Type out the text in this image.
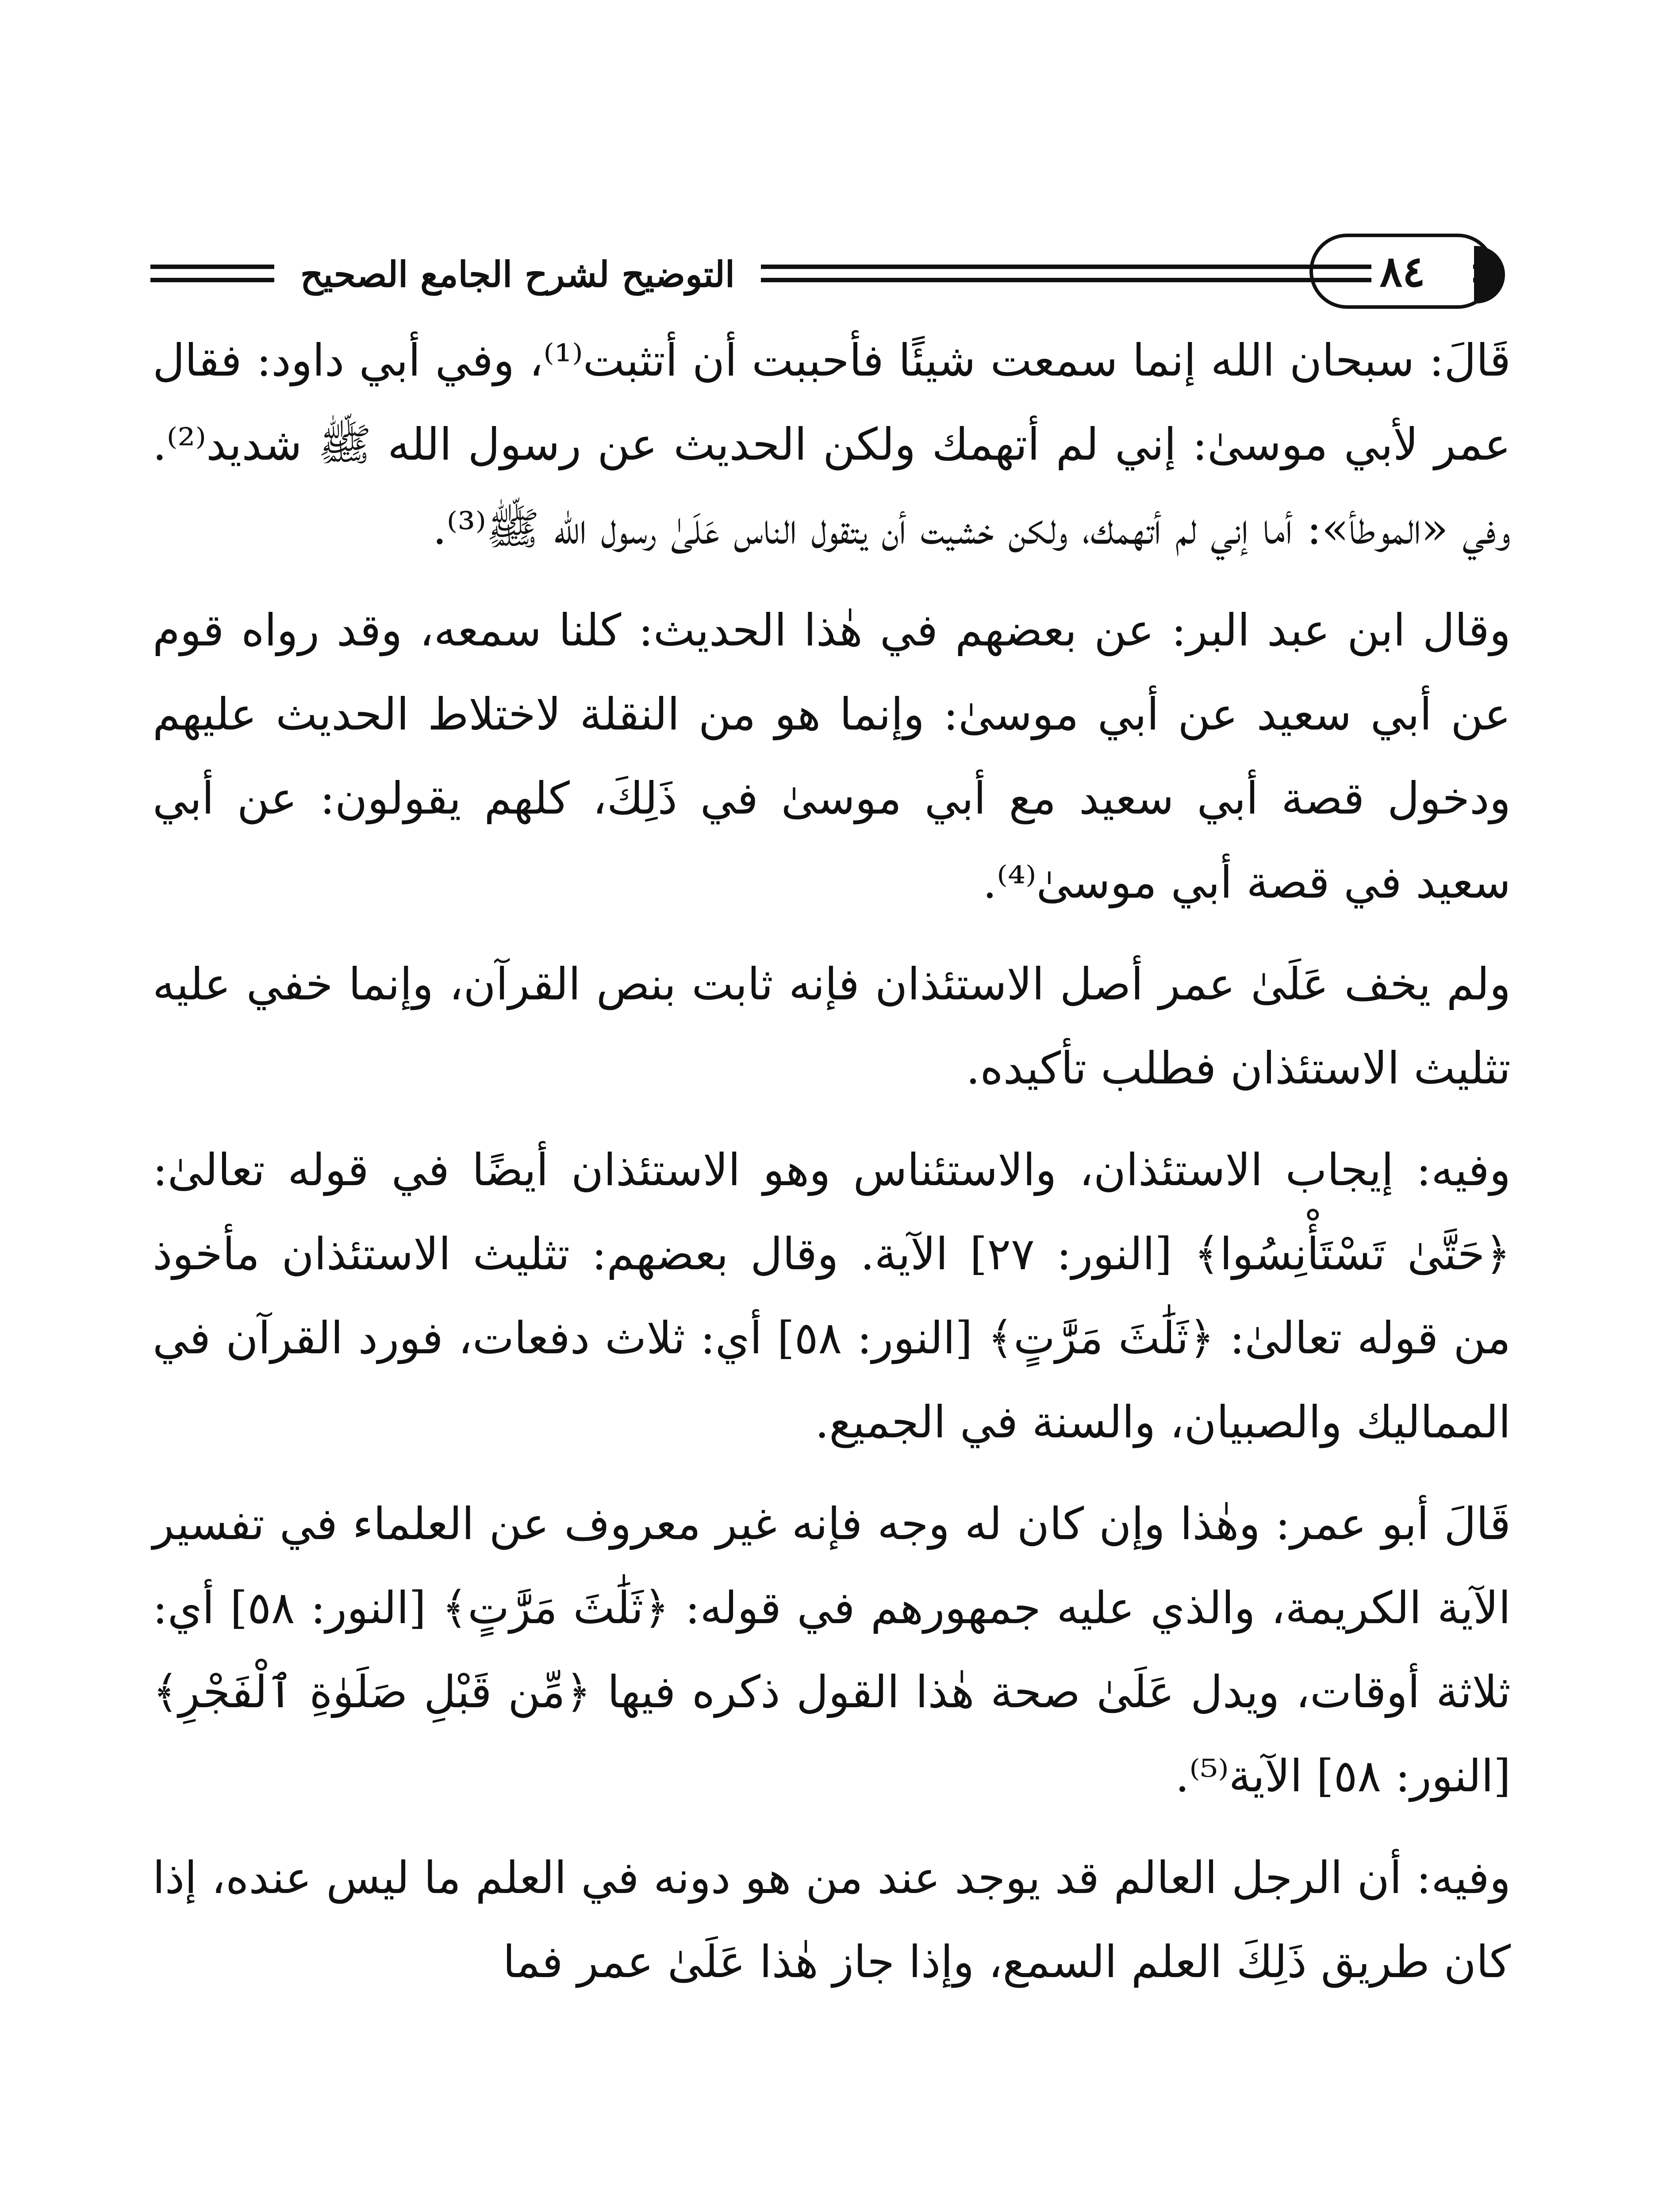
التوضيح لشرح الجامع الصحيح	٨٤

قَالَ: سبحان الله إنما سمعت شيئًا فأحببت أن أتثبت⁽¹⁾، وفي أبي داود: فقال عمر لأبي موسىٰ: إني لم أتهمك ولكن الحديث عن رسول الله ﷺ شديد⁽²⁾. وفي «الموطأ»: أما إني لم أتهمك، ولكن خشيت أن يتقول الناس عَلَىٰ رسول الله ﷺ⁽³⁾.

وقال ابن عبد البر: عن بعضهم في هٰذا الحديث: كلنا سمعه، وقد رواه قوم عن أبي سعيد عن أبي موسىٰ: وإنما هو من النقلة لاختلاط الحديث عليهم ودخول قصة أبي سعيد مع أبي موسىٰ في ذَلِكَ، كلهم يقولون: عن أبي سعيد في قصة أبي موسىٰ⁽⁴⁾.

ولم يخف عَلَىٰ عمر أصل الاستئذان فإنه ثابت بنص القرآن، وإنما خفي عليه تثليث الاستئذان فطلب تأكيده.

وفيه: إيجاب الاستئذان، والاستئناس وهو الاستئذان أيضًا في قوله تعالىٰ: ﴿حَتَّىٰ تَسْتَأْنِسُوا﴾ [النور: ٢٧] الآية. وقال بعضهم: تثليث الاستئذان مأخوذ من قوله تعالىٰ: ﴿ثَلَٰثَ مَرَّٰتٍ﴾ [النور: ٥٨] أي: ثلاث دفعات، فورد القرآن في المماليك والصبيان، والسنة في الجميع.

قَالَ أبو عمر: وهٰذا وإن كان له وجه فإنه غير معروف عن العلماء في تفسير الآية الكريمة، والذي عليه جمهورهم في قوله: ﴿ثَلَٰثَ مَرَّٰتٍ﴾ [النور: ٥٨] أي: ثلاثة أوقات، ويدل عَلَىٰ صحة هٰذا القول ذكره فيها ﴿مِّن قَبْلِ صَلَوٰةِ ٱلْفَجْرِ﴾ [النور: ٥٨] الآية⁽⁵⁾.

وفيه: أن الرجل العالم قد يوجد عند من هو دونه في العلم ما ليس عنده، إذا كان طريق ذَلِكَ العلم السمع، وإذا جاز هٰذا عَلَىٰ عمر فما
